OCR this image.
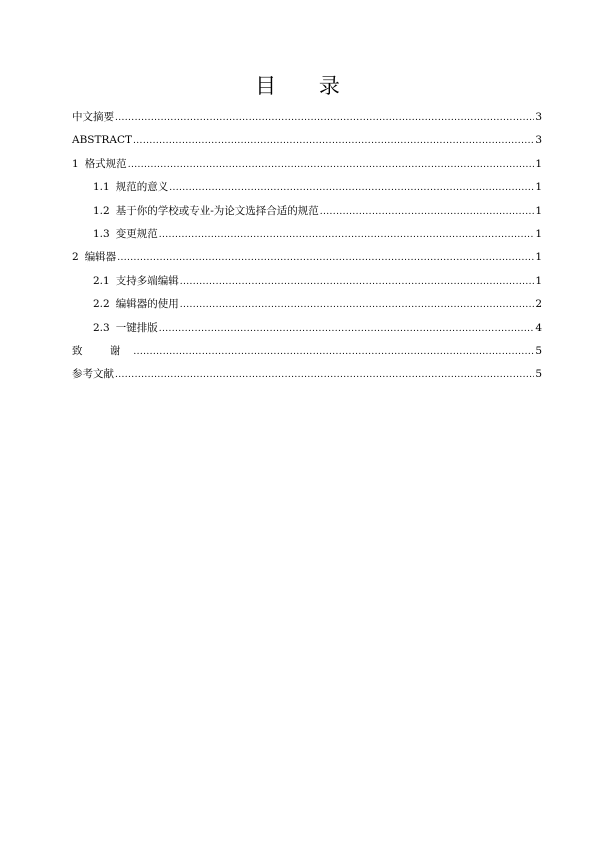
目 录
中文摘要 .....	3
ABSTRACT .....	3
1 格式规范 .....	1
1.1 规范的意义 .....	1
1.2 基于你的学校或专业-为论文选择合适的规范 .....	1
1.3 变更规范 .....	1
2 编辑器 .....	1
2.1 支持多端编辑 .....	1
2.2 编辑器的使用 .....	2
2.3 一键排版 .....	4
致 谢 .....	5
参考文献 .....	5
